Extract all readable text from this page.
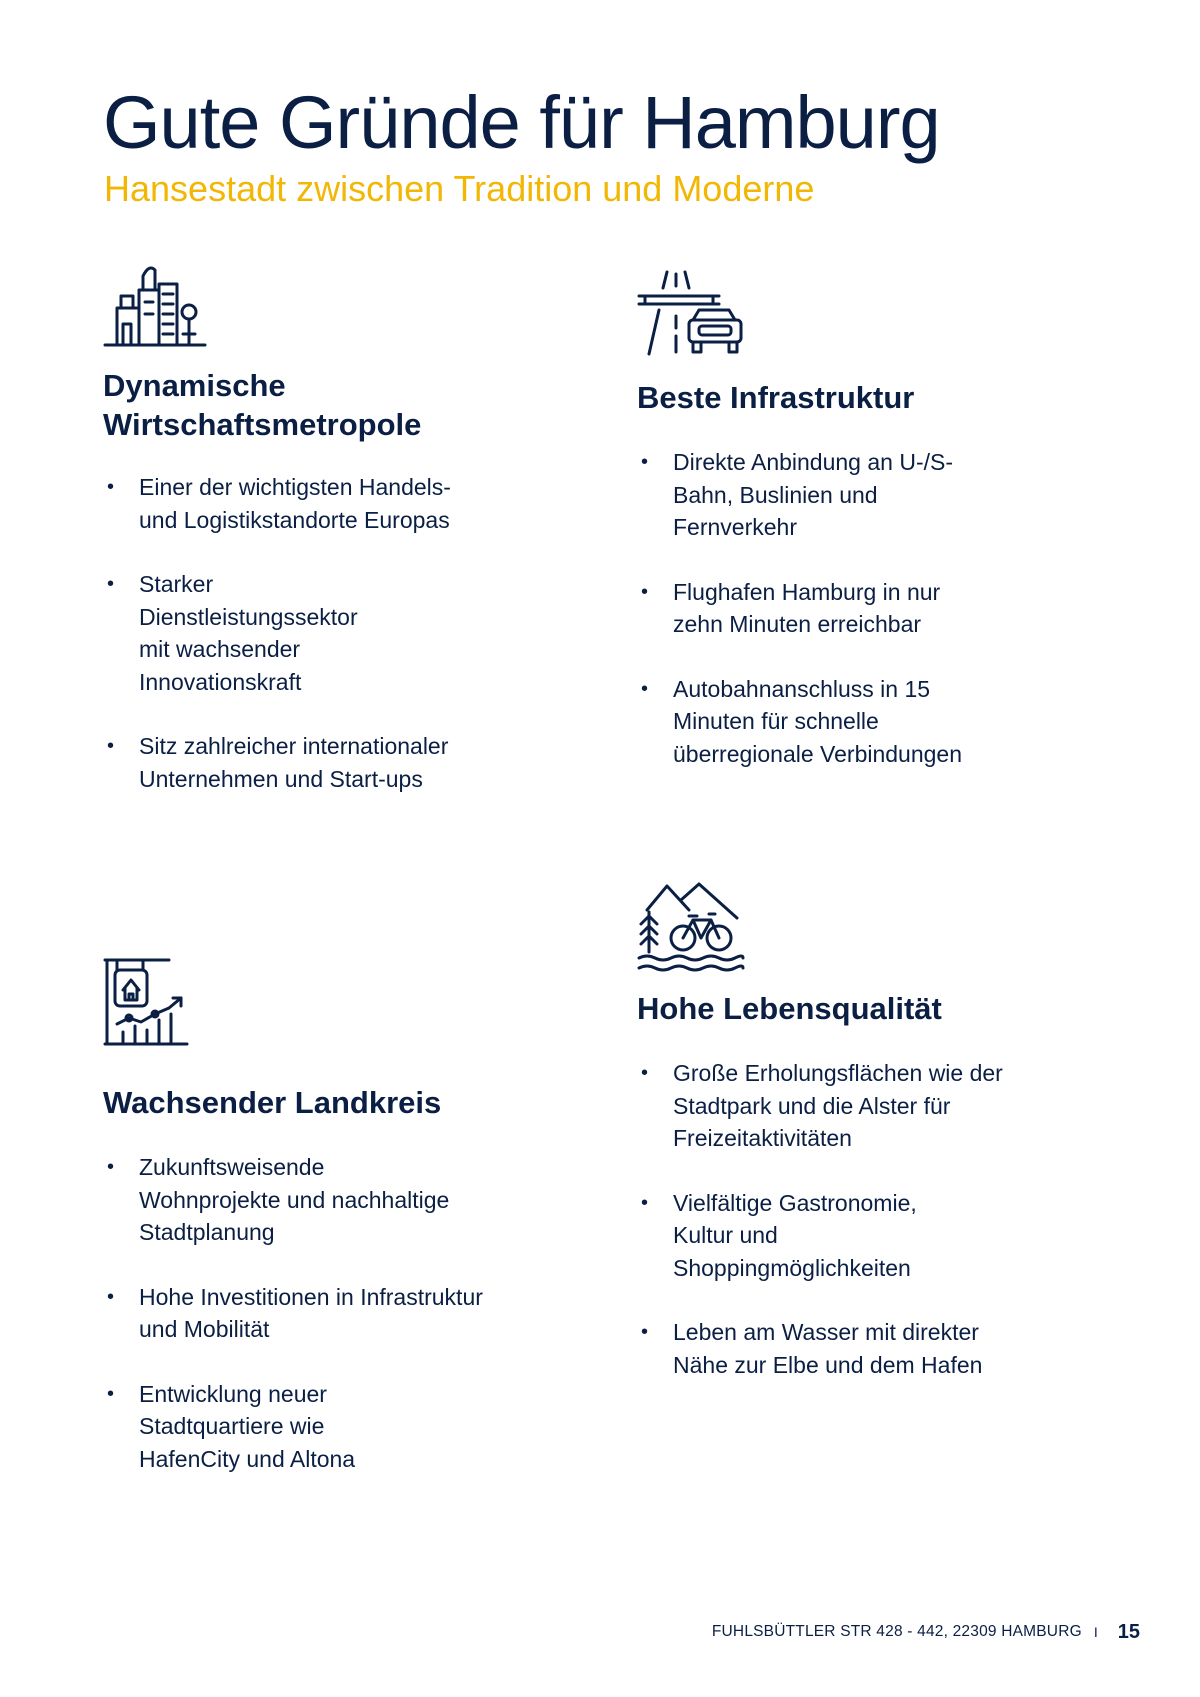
Gute Gründe für Hamburg
Hansestadt zwischen Tradition und Moderne
Dynamische Wirtschaftsmetropole
• Einer der wichtigsten Handels- und Logistikstandorte Europas
• Starker Dienstleistungssektor mit wachsender Innovationskraft
• Sitz zahlreicher internationaler Unternehmen und Start-ups
Beste Infrastruktur
• Direkte Anbindung an U-/S-Bahn, Buslinien und Fernverkehr
• Flughafen Hamburg in nur zehn Minuten erreichbar
• Autobahnanschluss in 15 Minuten für schnelle überregionale Verbindungen
Wachsender Landkreis
• Zukunftsweisende Wohnprojekte und nachhaltige Stadtplanung
• Hohe Investitionen in Infrastruktur und Mobilität
• Entwicklung neuer Stadtquartiere wie HafenCity und Altona
Hohe Lebensqualität
• Große Erholungsflächen wie der Stadtpark und die Alster für Freizeitaktivitäten
• Vielfältige Gastronomie, Kultur und Shoppingmöglichkeiten
• Leben am Wasser mit direkter Nähe zur Elbe und dem Hafen
FUHLSBÜTTLER STR 428 - 442, 22309 HAMBURG I 15
